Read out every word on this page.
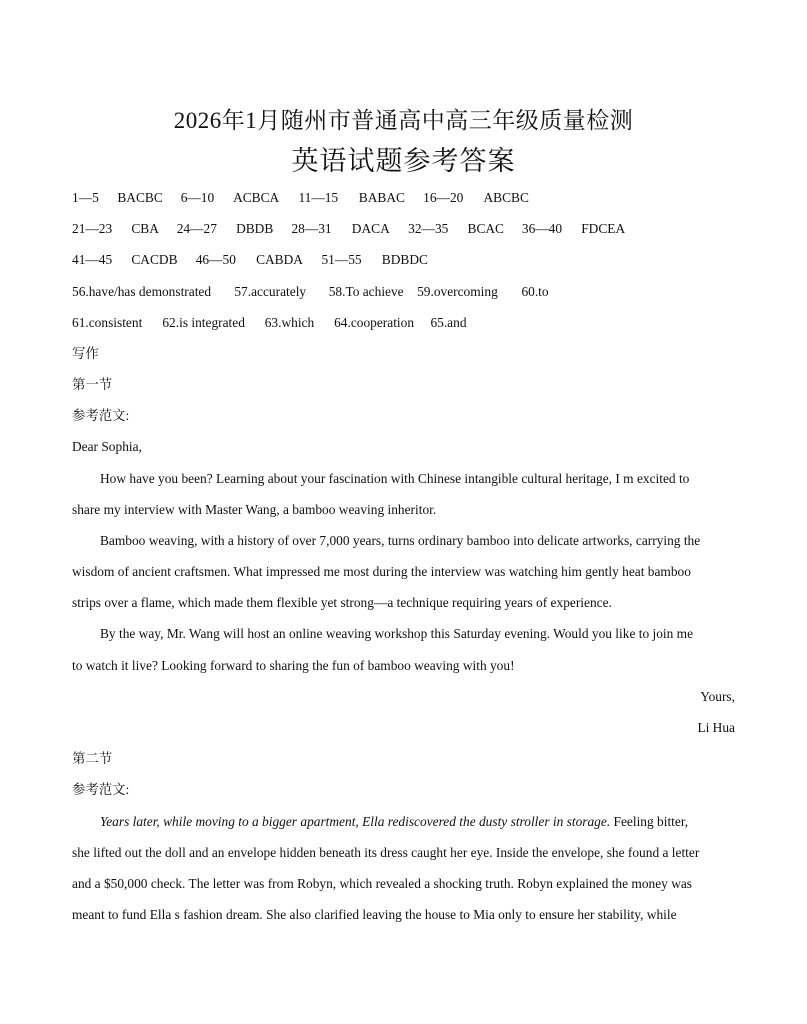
2026年1月随州市普通高中高三年级质量检测
英语试题参考答案
1—5 BACBC 6—10 ACBCA 11—15 BABAC 16—20 ABCBC
21—23 CBA 24—27 DBDB 28—31 DACA 32—35 BCAC 36—40 FDCEA
41—45 CACDB 46—50 CABDA 51—55 BDBDC
56.have/has demonstrated 57.accurately 58.To achieve 59.overcoming 60.to
61.consistent 62.is integrated 63.which 64.cooperation 65.and
写作
第一节
参考范文:
Dear Sophia,
How have you been? Learning about your fascination with Chinese intangible cultural heritage, I m excited to
share my interview with Master Wang, a bamboo weaving inheritor.
Bamboo weaving, with a history of over 7,000 years, turns ordinary bamboo into delicate artworks, carrying the
wisdom of ancient craftsmen. What impressed me most during the interview was watching him gently heat bamboo
strips over a flame, which made them flexible yet strong—a technique requiring years of experience.
By the way, Mr. Wang will host an online weaving workshop this Saturday evening. Would you like to join me
to watch it live? Looking forward to sharing the fun of bamboo weaving with you!
Yours,
Li Hua
第二节
参考范文:
Years later, while moving to a bigger apartment, Ella rediscovered the dusty stroller in storage. Feeling bitter,
she lifted out the doll and an envelope hidden beneath its dress caught her eye. Inside the envelope, she found a letter
and a $50,000 check. The letter was from Robyn, which revealed a shocking truth. Robyn explained the money was
meant to fund Ella s fashion dream. She also clarified leaving the house to Mia only to ensure her stability, while
